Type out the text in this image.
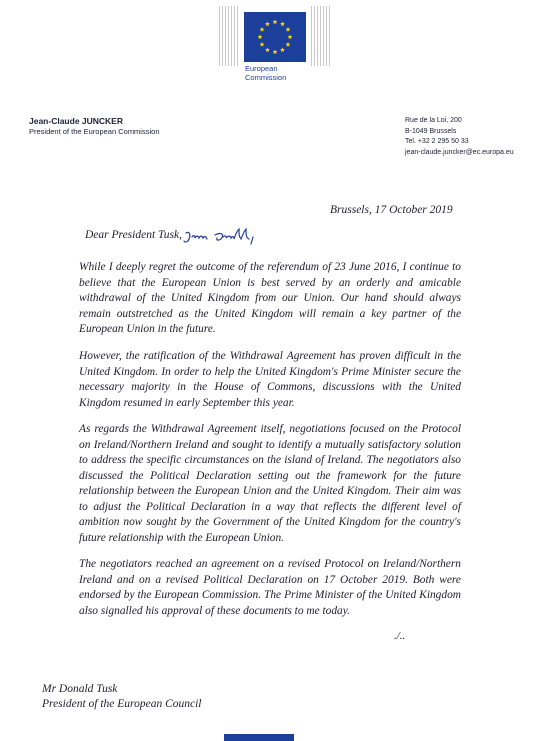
European
Commission
Jean-Claude JUNCKER
President of the European Commission
Rue de la Loi, 200
B-1049 Brussels
Tel. +32 2 295 50 33
jean-claude.juncker@ec.europa.eu
Brussels, 17 October 2019
Dear President Tusk,
While I deeply regret the outcome of the referendum of 23 June 2016, I continue to believe that the European Union is best served by an orderly and amicable withdrawal of the United Kingdom from our Union. Our hand should always remain outstretched as the United Kingdom will remain a key partner of the European Union in the future.
However, the ratification of the Withdrawal Agreement has proven difficult in the United Kingdom. In order to help the United Kingdom's Prime Minister secure the necessary majority in the House of Commons, discussions with the United Kingdom resumed in early September this year.
As regards the Withdrawal Agreement itself, negotiations focused on the Protocol on Ireland/Northern Ireland and sought to identify a mutually satisfactory solution to address the specific circumstances on the island of Ireland. The negotiators also discussed the Political Declaration setting out the framework for the future relationship between the European Union and the United Kingdom. Their aim was to adjust the Political Declaration in a way that reflects the different level of ambition now sought by the Government of the United Kingdom for the country's future relationship with the European Union.
The negotiators reached an agreement on a revised Protocol on Ireland/Northern Ireland and on a revised Political Declaration on 17 October 2019. Both were endorsed by the European Commission. The Prime Minister of the United Kingdom also signalled his approval of these documents to me today.
./..
Mr Donald Tusk
President of the European Council
